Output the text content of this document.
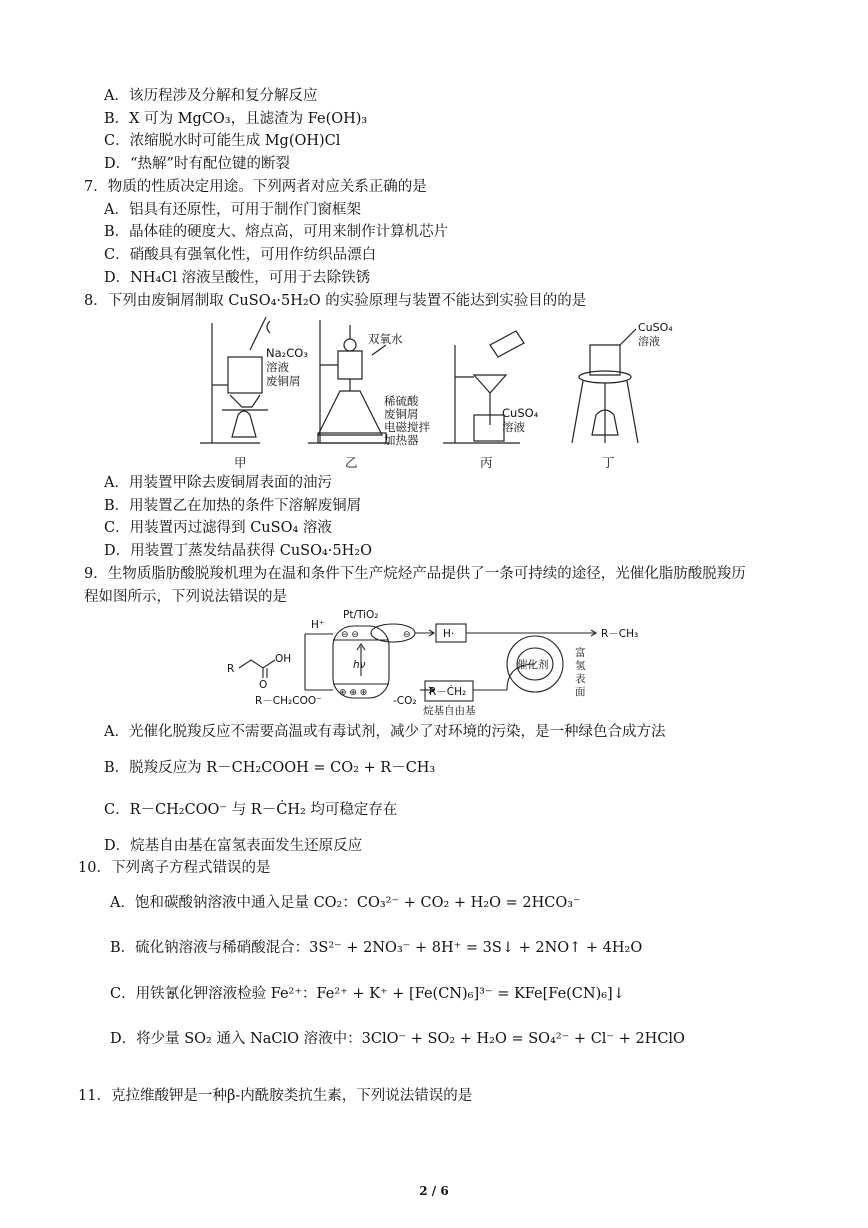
A．该历程涉及分解和复分解反应
B．X 可为 MgCO₃，且滤渣为 Fe(OH)₃
C．浓缩脱水时可能生成 Mg(OH)Cl
D．“热解”时有配位键的断裂
7．物质的性质决定用途。下列两者对应关系正确的是
A．铝具有还原性，可用于制作门窗框架
B．晶体硅的硬度大、熔点高，可用来制作计算机芯片
C．硝酸具有强氧化性，可用作纺织品漂白
D．NH₄Cl 溶液呈酸性，可用于去除铁锈
8．下列由废铜屑制取 CuSO₄·5H₂O 的实验原理与装置不能达到实验目的的是
Na₂CO₃
溶液
废铜屑
双氧水
稀硫酸
废铜屑
电磁搅拌
加热器
CuSO₄
溶液
CuSO₄
溶液
甲	乙	丙	丁
A．用装置甲除去废铜屑表面的油污
B．用装置乙在加热的条件下溶解废铜屑
C．用装置丙过滤得到 CuSO₄ 溶液
D．用装置丁蒸发结晶获得 CuSO₄·5H₂O
9．生物质脂肪酸脱羧机理为在温和条件下生产烷烃产品提供了一条可持续的途径，光催化脂肪酸脱羧历
程如图所示，下列说法错误的是
Pt/TiO₂
H⁺
H·
hν
R－CH₃
R
OH
O
R－CH₂COO⁻	-CO₂
R－ĊH₂
烷基自由基
催化剂
富
氢
表
面
⊖ ⊖
⊕ ⊕ ⊕
⊖
A．光催化脱羧反应不需要高温或有毒试剂，减少了对环境的污染，是一种绿色合成方法
B．脱羧反应为 R－CH₂COOH = CO₂ + R－CH₃
C．R－CH₂COO⁻ 与 R－ĊH₂ 均可稳定存在
D．烷基自由基在富氢表面发生还原反应
10．下列离子方程式错误的是
A．饱和碳酸钠溶液中通入足量 CO₂：CO₃²⁻ + CO₂ + H₂O = 2HCO₃⁻
B．硫化钠溶液与稀硝酸混合：3S²⁻ + 2NO₃⁻ + 8H⁺ = 3S↓ + 2NO↑ + 4H₂O
C．用铁氰化钾溶液检验 Fe²⁺：Fe²⁺ + K⁺ + [Fe(CN)₆]³⁻ = KFe[Fe(CN)₆]↓
D．将少量 SO₂ 通入 NaClO 溶液中：3ClO⁻ + SO₂ + H₂O = SO₄²⁻ + Cl⁻ + 2HClO
11．克拉维酸钾是一种β-内酰胺类抗生素，下列说法错误的是
2 / 6
